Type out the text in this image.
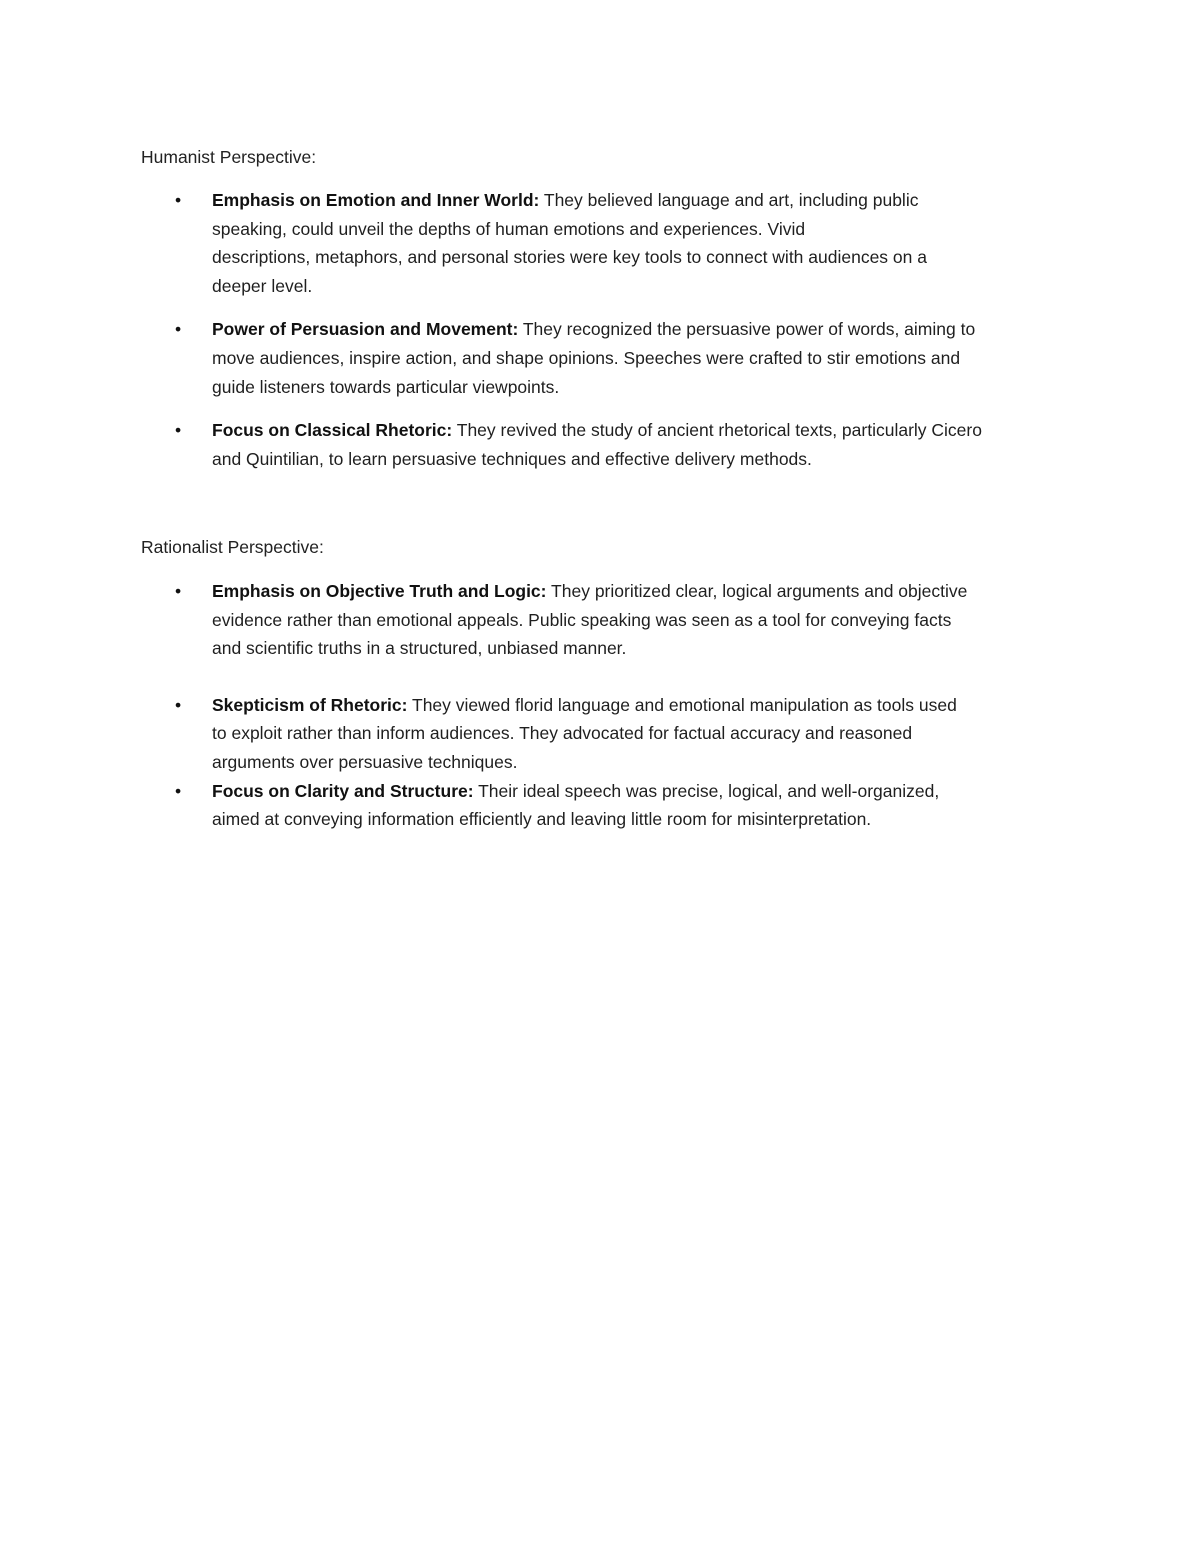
Humanist Perspective:
• Emphasis on Emotion and Inner World: They believed language and art, including public
speaking, could unveil the depths of human emotions and experiences. Vivid
descriptions, metaphors, and personal stories were key tools to connect with audiences on a
deeper level.
• Power of Persuasion and Movement: They recognized the persuasive power of words, aiming to
move audiences, inspire action, and shape opinions. Speeches were crafted to stir emotions and
guide listeners towards particular viewpoints.
• Focus on Classical Rhetoric: They revived the study of ancient rhetorical texts, particularly Cicero
and Quintilian, to learn persuasive techniques and effective delivery methods.
Rationalist Perspective:
• Emphasis on Objective Truth and Logic: They prioritized clear, logical arguments and objective
evidence rather than emotional appeals. Public speaking was seen as a tool for conveying facts
and scientific truths in a structured, unbiased manner.
• Skepticism of Rhetoric: They viewed florid language and emotional manipulation as tools used
to exploit rather than inform audiences. They advocated for factual accuracy and reasoned
arguments over persuasive techniques.
• Focus on Clarity and Structure: Their ideal speech was precise, logical, and well-organized,
aimed at conveying information efficiently and leaving little room for misinterpretation.
